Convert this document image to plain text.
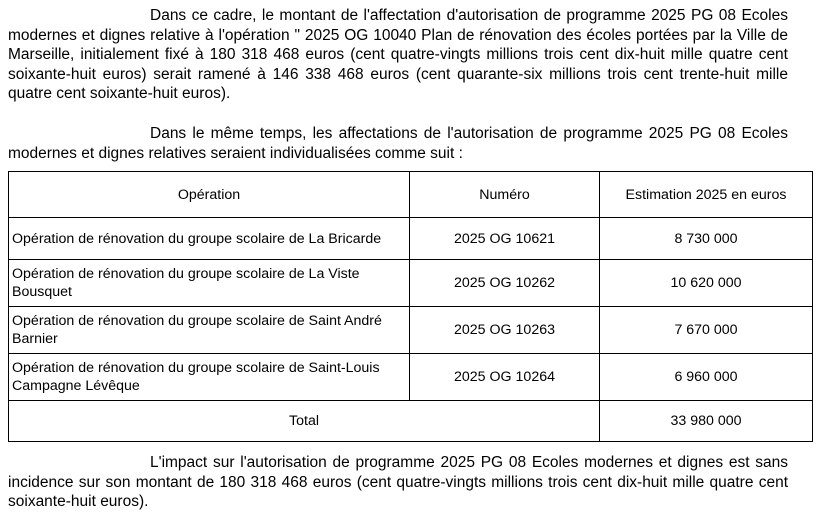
Dans ce cadre, le montant de l'affectation d'autorisation de programme 2025 PG 08 Ecoles modernes et dignes relative à l'opération " 2025 OG 10040 Plan de rénovation des écoles portées par la Ville de Marseille, initialement fixé à 180 318 468 euros (cent quatre-vingts millions trois cent dix-huit mille quatre cent soixante-huit euros) serait ramené à 146 338 468 euros (cent quarante-six millions trois cent trente-huit mille quatre cent soixante-huit euros).

Dans le même temps, les affectations de l'autorisation de programme 2025 PG 08 Ecoles modernes et dignes relatives seraient individualisées comme suit :

Opération	Numéro	Estimation 2025 en euros
Opération de rénovation du groupe scolaire de La Bricarde	2025 OG 10621	8 730 000
Opération de rénovation du groupe scolaire de La Viste Bousquet	2025 OG 10262	10 620 000
Opération de rénovation du groupe scolaire de Saint André Barnier	2025 OG 10263	7 670 000
Opération de rénovation du groupe scolaire de Saint-Louis Campagne Lévêque	2025 OG 10264	6 960 000
Total		33 980 000

L'impact sur l'autorisation de programme 2025 PG 08 Ecoles modernes et dignes est sans incidence sur son montant de 180 318 468 euros (cent quatre-vingts millions trois cent dix-huit mille quatre cent soixante-huit euros).
